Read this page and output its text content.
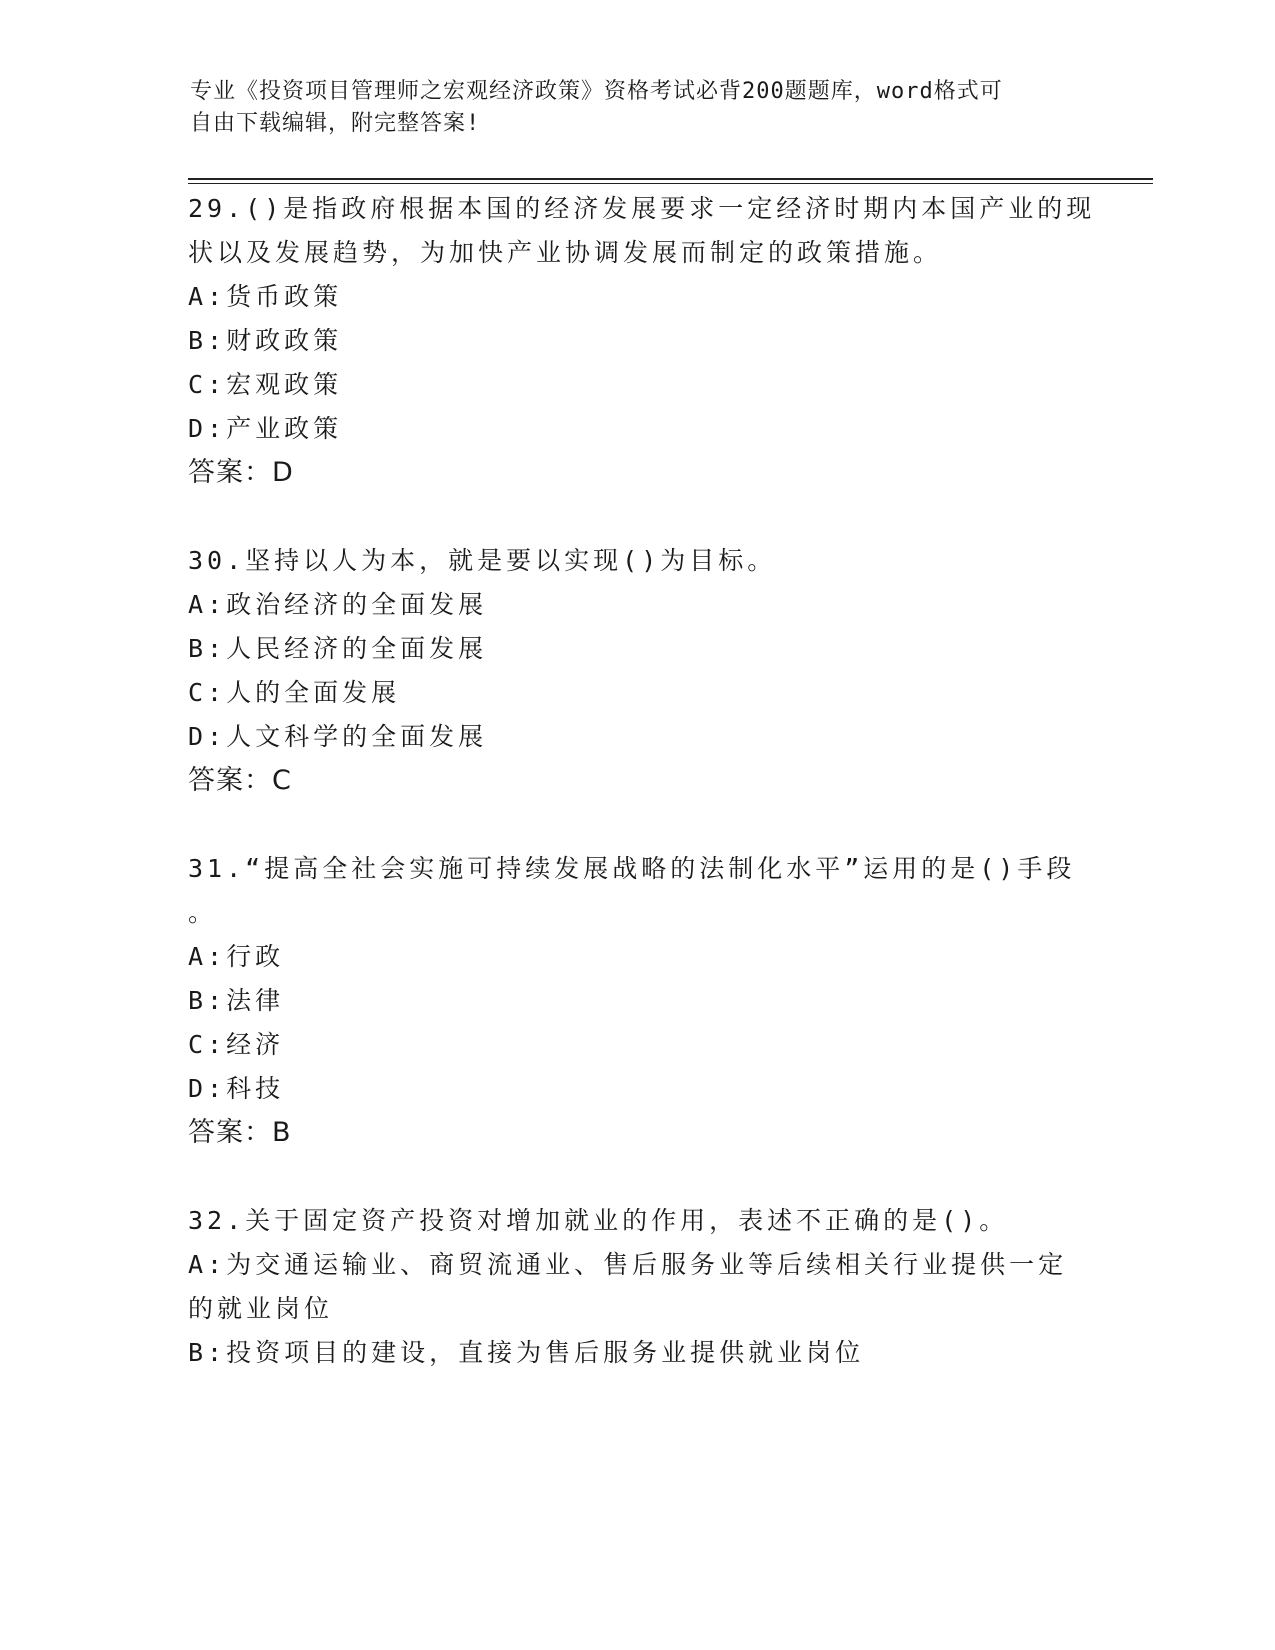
专业《投资项目管理师之宏观经济政策》资格考试必背200题题库，word格式可
自由下载编辑，附完整答案!
29.()是指政府根据本国的经济发展要求一定经济时期内本国产业的现
状以及发展趋势，为加快产业协调发展而制定的政策措施。
A:货币政策
B:财政政策
C:宏观政策
D:产业政策
答案：D
30.坚持以人为本，就是要以实现()为目标。
A:政治经济的全面发展
B:人民经济的全面发展
C:人的全面发展
D:人文科学的全面发展
答案：C
31.“提高全社会实施可持续发展战略的法制化水平”运用的是()手段
。
A:行政
B:法律
C:经济
D:科技
答案：B
32.关于固定资产投资对增加就业的作用，表述不正确的是()。
A:为交通运输业、商贸流通业、售后服务业等后续相关行业提供一定
的就业岗位
B:投资项目的建设，直接为售后服务业提供就业岗位
